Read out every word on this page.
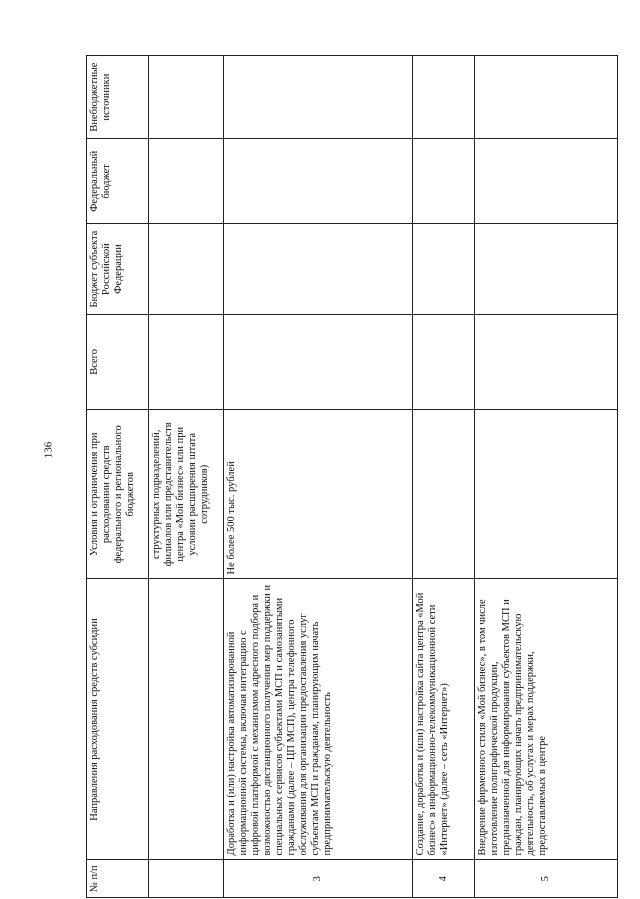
136
№ п/п	Направления расходования средств субсидии	Условия и ограничения при расходовании средств федерального и регионального бюджетов	Всего	Бюджет субъекта Российской Федерации	Федеральный бюджет	Внебюджетные источники
		структурных подразделений, филиалов или представительств центра «Мой бизнес» или при условии расширения штата сотрудников)				
3	Доработка и (или) настройка автоматизированной информационной системы, включая интеграцию с цифровой платформой с механизмом адресного подбора и возможностью дистанционного получения мер поддержки и специальных сервисов субъектами МСП и самозанятыми гражданами (далее – ЦП МСП), центра телефонного обслуживания для организации предоставления услуг субъектам МСП и гражданам, планирующим начать предпринимательскую деятельность	Не более 500 тыс. рублей				
4	Создание, доработка и (или) настройка сайта центра «Мой бизнес» в информационно-телекоммуникационной сети «Интернет» (далее – сеть «Интернет»)					
5	Внедрение фирменного стиля «Мой бизнес», в том числе изготовление полиграфической продукции, предназначенной для информирования субъектов МСП и граждан, планирующих начать предпринимательскую деятельность, об услугах и мерах поддержки, предоставляемых в центре					
